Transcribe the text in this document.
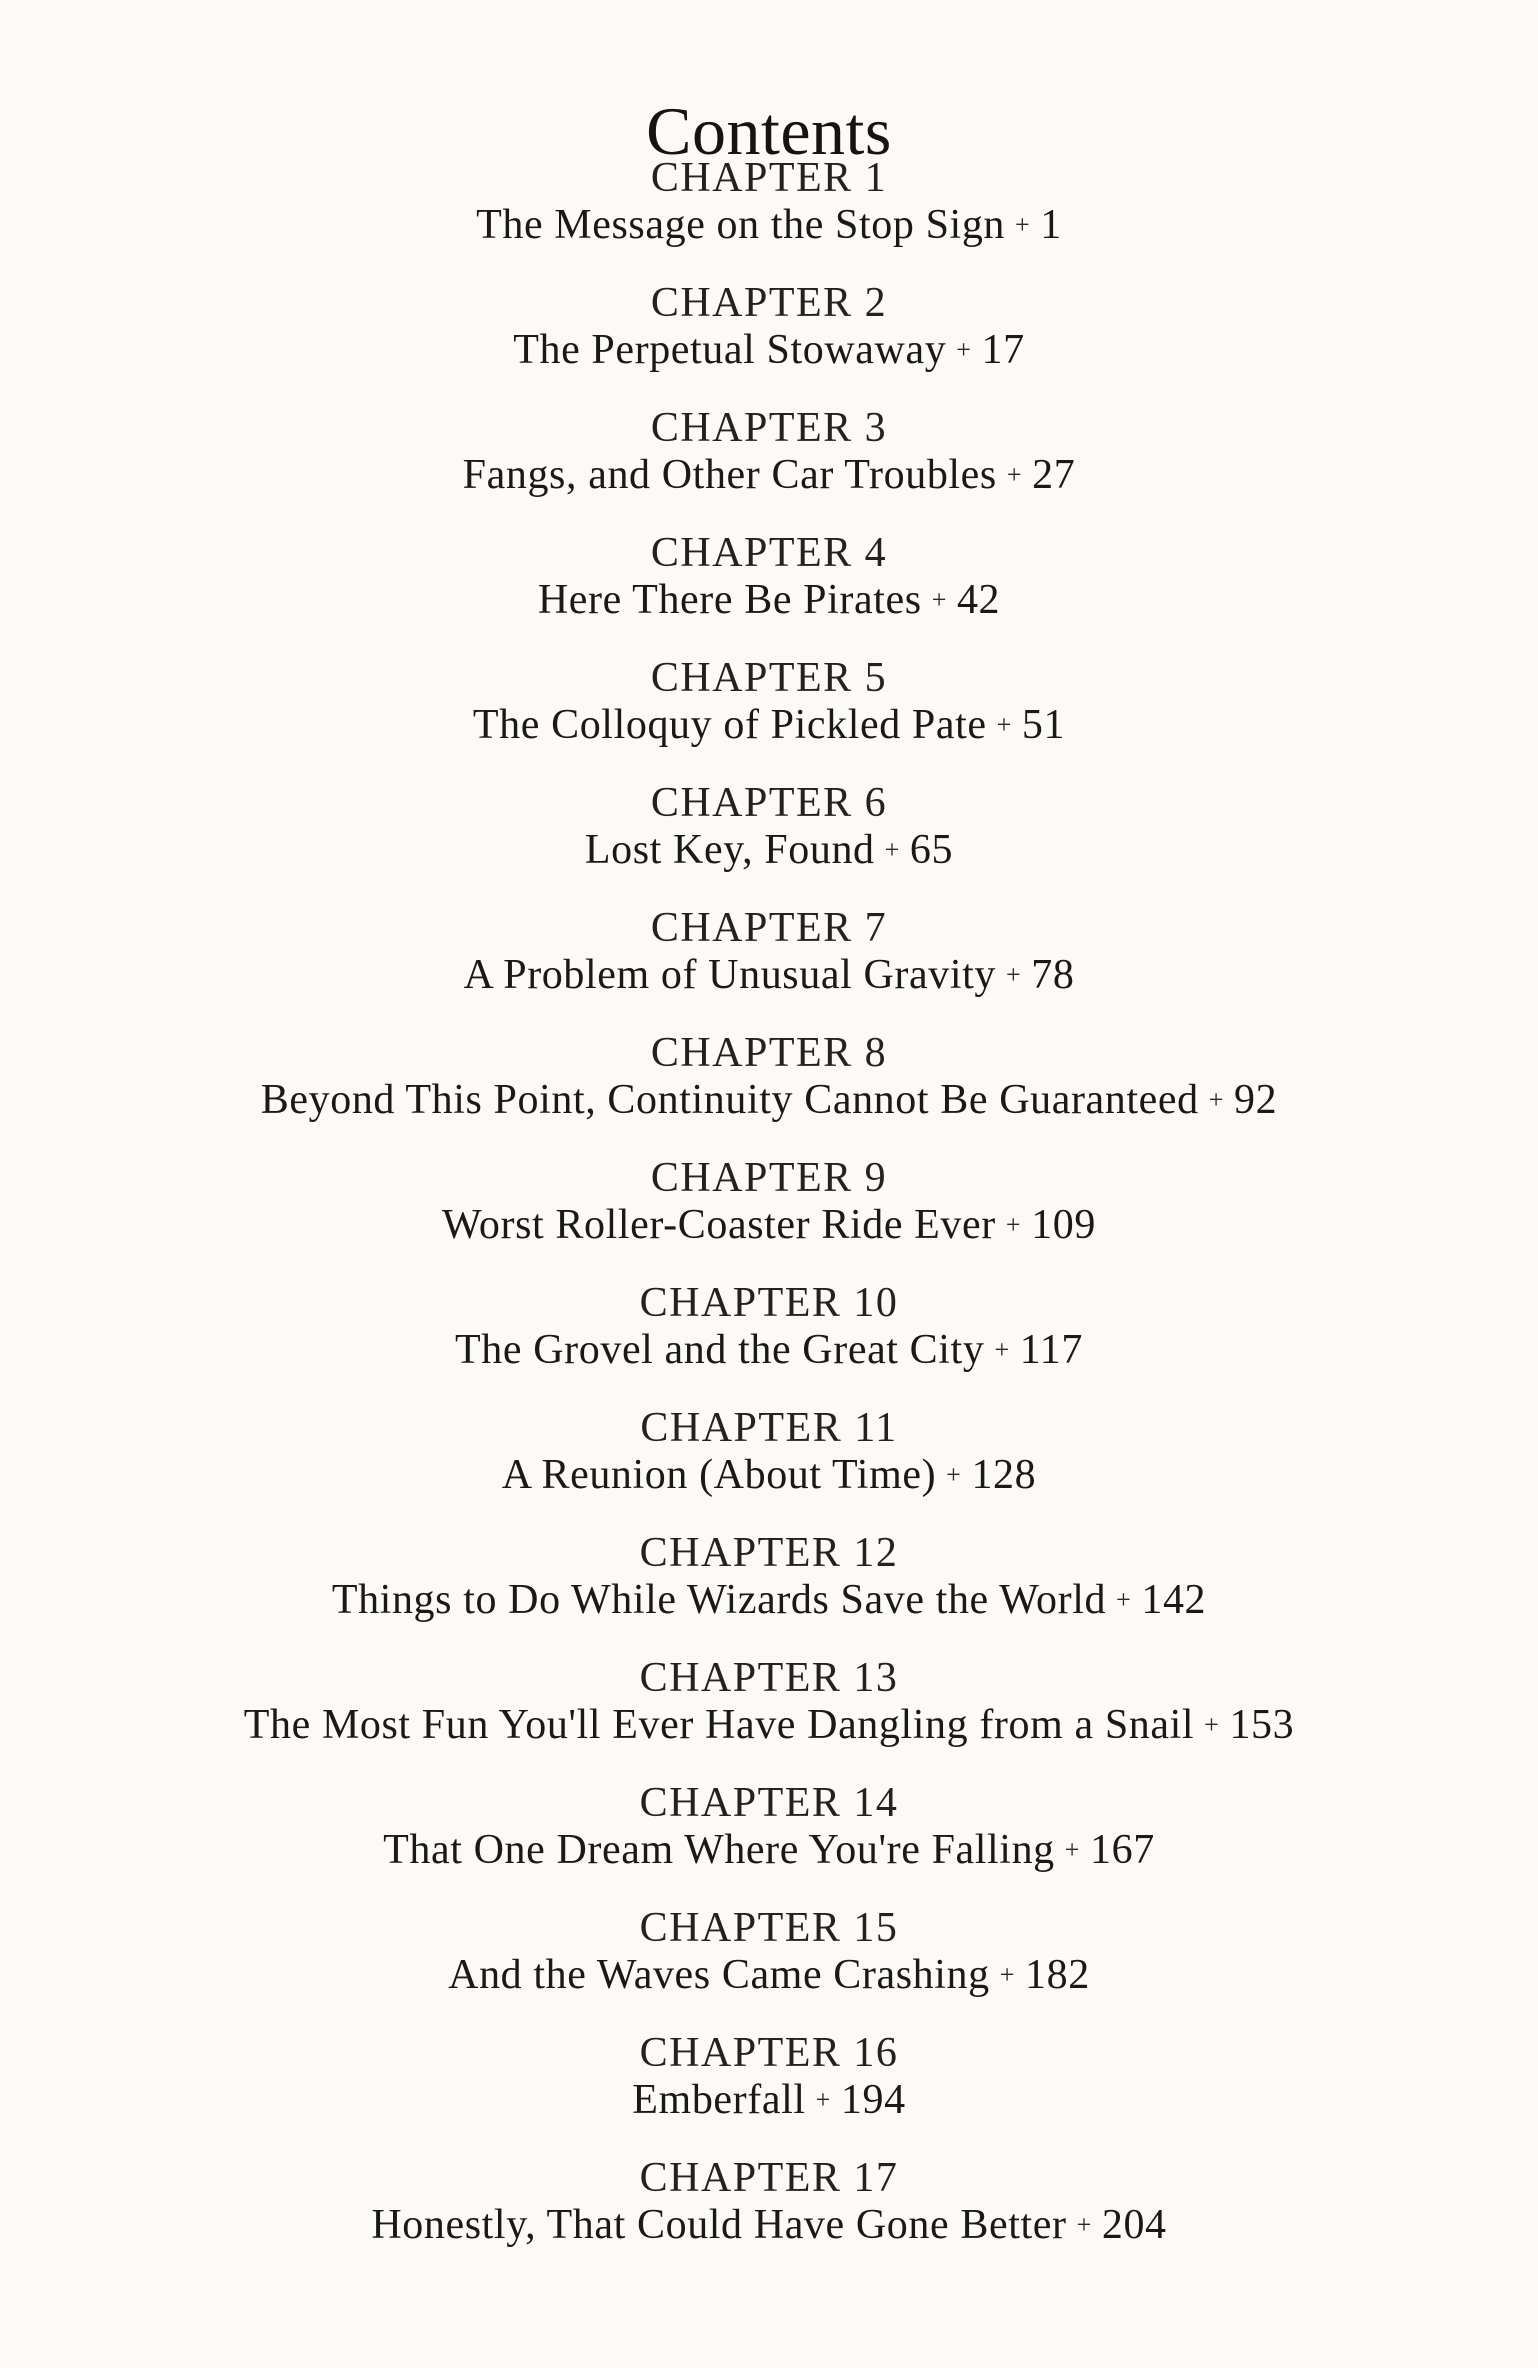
Contents
CHAPTER 1
The Message on the Stop Sign + 1
CHAPTER 2
The Perpetual Stowaway + 17
CHAPTER 3
Fangs, and Other Car Troubles + 27
CHAPTER 4
Here There Be Pirates + 42
CHAPTER 5
The Colloquy of Pickled Pate + 51
CHAPTER 6
Lost Key, Found + 65
CHAPTER 7
A Problem of Unusual Gravity + 78
CHAPTER 8
Beyond This Point, Continuity Cannot Be Guaranteed + 92
CHAPTER 9
Worst Roller-Coaster Ride Ever + 109
CHAPTER 10
The Grovel and the Great City + 117
CHAPTER 11
A Reunion (About Time) + 128
CHAPTER 12
Things to Do While Wizards Save the World + 142
CHAPTER 13
The Most Fun You'll Ever Have Dangling from a Snail + 153
CHAPTER 14
That One Dream Where You're Falling + 167
CHAPTER 15
And the Waves Came Crashing + 182
CHAPTER 16
Emberfall + 194
CHAPTER 17
Honestly, That Could Have Gone Better + 204
